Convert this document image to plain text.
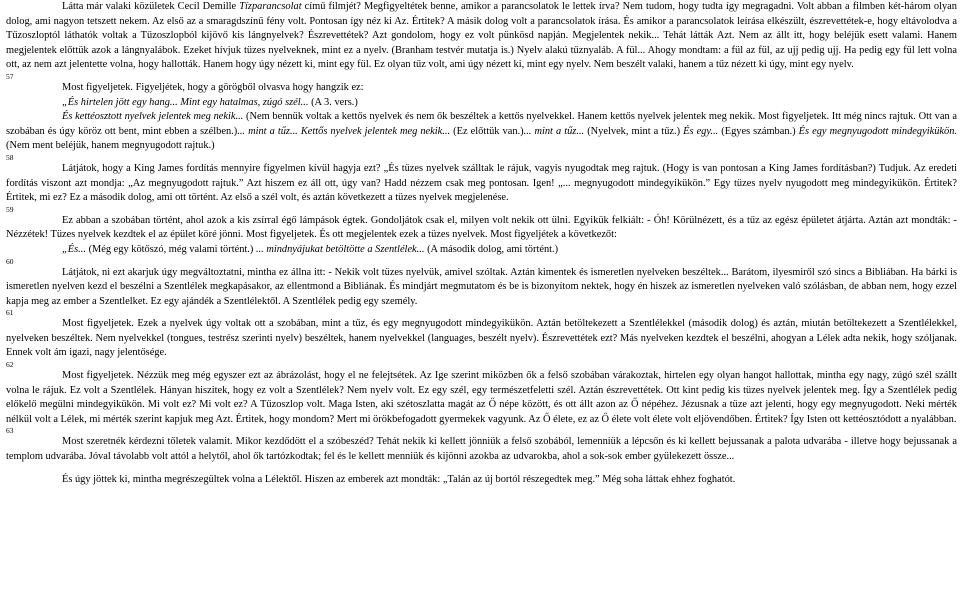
Látta már valaki közületek Cecil Demille Tízparancsolat című filmjét? Megfigyeltétek benne, amikor a parancsolatok le lettek írva? Nem tudom, hogy tudta így megragadni. Volt abban a filmben két-három olyan dolog, ami nagyon tetszett nekem. Az első az a smaragdszínű fény volt. Pontosan így néz ki Az. Értitek? A másik dolog volt a parancsolatok írása. És amikor a parancsolatok leírása elkészült, észrevettétek-e, hogy eltávolodva a Tűzoszloptól láthatók voltak a Tűzoszlopból kijövő kis lángnyelvek? Észrevettétek? Azt gondolom, hogy ez volt pünkösd napján. Megjelentek nekik... Tehát látták Azt. Nem az állt itt, hogy beléjük esett valami. Hanem megjelentek előttük azok a lángnyalábok. Ezeket hívjuk tüzes nyelveknek, mint ez a nyelv. (Branham testvér mutatja is.) Nyelv alakú tűznyaláb. A fül... Ahogy mondtam: a fül az fül, az ujj pedig ujj. Ha pedig egy fül lett volna ott, az nem azt jelentette volna, hogy hallották. Hanem hogy úgy nézett ki, mint egy fül. Ez olyan tűz volt, ami úgy nézett ki, mint egy nyelv. Nem beszélt valaki, hanem a tűz nézett ki úgy, mint egy nyelv.

57
Most figyeljetek. Figyeljétek, hogy a görögből olvasva hogy hangzik ez:

„És hirtelen jött egy hang... Mint egy hatalmas, zúgó szél... (A 3. vers.)

És kettéosztott nyelvek jelentek meg nekik... (Nem bennük voltak a kettős nyelvek és nem ők beszéltek a kettős nyelvekkel. Hanem kettős nyelvek jelentek meg nekik. Most figyeljetek. Itt még nincs rajtuk. Ott van a szobában és úgy köröz ott bent, mint ebben a szélben.)... mint a tűz... Kettős nyelvek jelentek meg nekik... (Ez előttük van.)... mint a tűz... (Nyelvek, mint a tűz.) És egy... (Egyes számban.) És egy megnyugodott mindegyikükön. (Nem ment beléjük, hanem megnyugodott rajtuk.)

58
Látjátok, hogy a King James fordítás mennyire figyelmen kívül hagyja ezt? „És tüzes nyelvek szálltak le rájuk, vagyis nyugodtak meg rajtuk. (Hogy is van pontosan a King James fordításban?) Tudjuk. Az eredeti fordítás viszont azt mondja: „Az megnyugodott rajtuk.” Azt hiszem ez áll ott, úgy van? Hadd nézzem csak meg pontosan. Igen! „... megnyugodott mindegyikükön.” Egy tüzes nyelv nyugodott meg mindegyikükön. Értitek? Értitek, mi ez? Ez a második dolog, ami ott történt. Az első a szél volt, és aztán következett a tüzes nyelvek megjelenése.

59
Ez abban a szobában történt, ahol azok a kis zsírral égő lámpások égtek. Gondoljátok csak el, milyen volt nekik ott ülni. Egyikük felkiált: - Óh! Körülnézett, és a tűz az egész épületet átjárta. Aztán azt mondták: - Nézzétek! Tüzes nyelvek kezdtek el az épület köré jönni. Most figyeljetek. És ott megjelentek ezek a tüzes nyelvek. Most figyeljétek a következőt:

„És... (Még egy kötőszó, még valami történt.) ... mindnyájukat betöltötte a Szentlélek... (A második dolog, ami történt.)

60
Látjátok, ni ezt akarjuk úgy megváltoztatni, mintha ez állna itt: - Nekik volt tüzes nyelvük, amivel szóltak. Aztán kimentek és ismeretlen nyelveken beszéltek... Barátom, ilyesmiről szó sincs a Bibliában. Ha bárki is ismeretlen nyelven kezd el beszélni a Szentlélek megkapásakor, az ellentmond a Bibliának. És mindjárt megmutatom és be is bizonyítom nektek, hogy én hiszek az ismeretlen nyelveken való szólásban, de abban nem, hogy ezzel kapja meg az ember a Szentlelket. Ez egy ajándék a Szentlélektől. A Szentlélek pedig egy személy.

61
Most figyeljetek. Ezek a nyelvek úgy voltak ott a szobában, mint a tűz, és egy megnyugodott mindegyikükön. Aztán betöltekezett a Szentlélekkel (második dolog) és aztán, miután betöltekezett a Szentlélekkel, nyelveken beszéltek. Nem nyelvekkel (tongues, testrész szerinti nyelv) beszéltek, hanem nyelvekkel (languages, beszélt nyelv). Észrevettétek ezt? Más nyelveken kezdtek el beszélni, ahogyan a Lélek adta nekik, hogy szóljanak. Ennek volt ám igazi, nagy jelentősége.

62
Most figyeljetek. Nézzük meg még egyszer ezt az ábrázolást, hogy el ne felejtsétek. Az Ige szerint miközben ők a felső szobában várakoztak, hirtelen egy olyan hangot hallottak, mintha egy nagy, zúgó szél szállt volna le rájuk. Ez volt a Szentlélek. Hányan hiszitek, hogy ez volt a Szentlélek? Nem nyelv volt. Ez egy szél, egy természetfeletti szél. Aztán észrevettétek. Ott kint pedig kis tüzes nyelvek jelentek meg. Így a Szentlélek pedig előkelő megülni mindegyikükön. Mi volt ez? Mi volt ez? A Tűzoszlop volt. Maga Isten, aki szétoszlatta magát az Ő népe között, és ott állt azon az Ő népéhez. Jézusnak a tüze azt jelenti, hogy egy megnyugodott. Neki mérték nélkül volt a Lélek, mi mérték szerint kapjuk meg Azt. Értitek, hogy mondom? Mert mi örökbefogadott gyermekek vagyunk. Az Ő élete, ez az Ő élete volt élete volt eljövendőben. Értitek? Így Isten ott kettéosztódott a nyalábban.

63
Most szeretnék kérdezni tőletek valamit. Mikor kezdődött el a szóbeszéd? Tehát nekik ki kellett jönniük a felső szobából, lemenniük a lépcsőn és ki kellett bejussanak a palota udvarába - illetve hogy bejussanak a templom udvarába. Jóval távolabb volt attól a helytől, ahol ők tartózkodtak; fel és le kellett menniük és kijönni azokba az udvarokba, ahol a sok-sok ember gyülekezett össze...

És úgy jöttek ki, mintha megrészegültek volna a Lélektől. Hiszen az emberek azt mondták: „Talán az új bortól részegedtek meg.” Még soha láttak ehhez foghatót.
